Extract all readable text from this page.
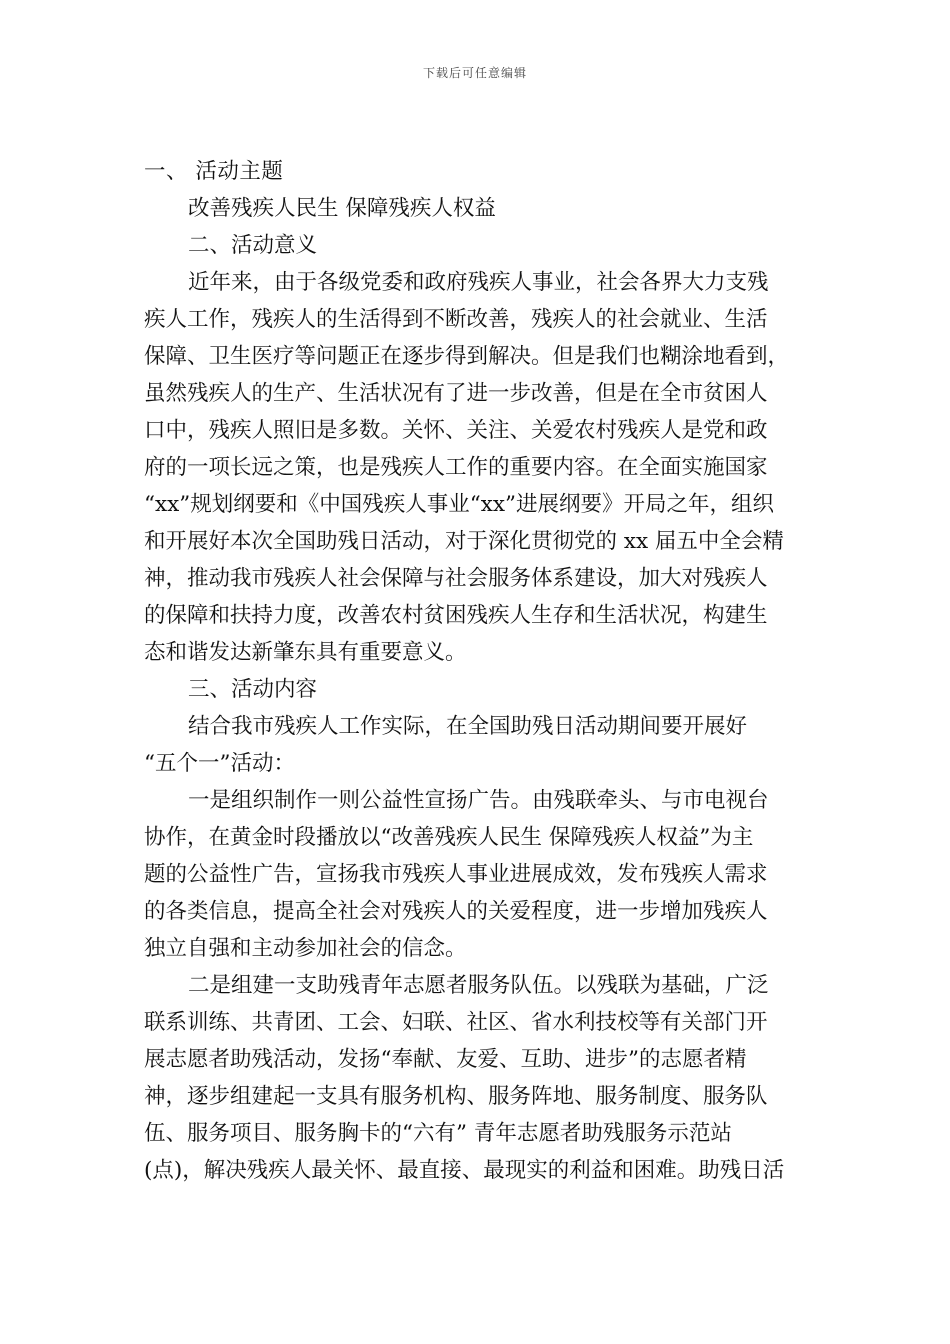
下载后可任意编辑
一、 活动主题
改善残疾人民生 保障残疾人权益
二、活动意义
近年来，由于各级党委和政府残疾人事业，社会各界大力支残
疾人工作，残疾人的生活得到不断改善，残疾人的社会就业、生活
保障、卫生医疗等问题正在逐步得到解决。但是我们也糊涂地看到，
虽然残疾人的生产、生活状况有了进一步改善，但是在全市贫困人
口中，残疾人照旧是多数。关怀、关注、关爱农村残疾人是党和政
府的一项长远之策，也是残疾人工作的重要内容。在全面实施国家
“xx”规划纲要和《中国残疾人事业“xx”进展纲要》开局之年，组织
和开展好本次全国助残日活动，对于深化贯彻党的 xx 届五中全会精
神，推动我市残疾人社会保障与社会服务体系建设，加大对残疾人
的保障和扶持力度，改善农村贫困残疾人生存和生活状况，构建生
态和谐发达新肇东具有重要意义。
三、活动内容
结合我市残疾人工作实际，在全国助残日活动期间要开展好
“五个一”活动：
一是组织制作一则公益性宣扬广告。由残联牵头、与市电视台
协作，在黄金时段播放以“改善残疾人民生 保障残疾人权益”为主
题的公益性广告，宣扬我市残疾人事业进展成效，发布残疾人需求
的各类信息，提高全社会对残疾人的关爱程度，进一步增加残疾人
独立自强和主动参加社会的信念。
二是组建一支助残青年志愿者服务队伍。以残联为基础，广泛
联系训练、共青团、工会、妇联、社区、省水利技校等有关部门开
展志愿者助残活动，发扬“奉献、友爱、互助、进步”的志愿者精
神，逐步组建起一支具有服务机构、服务阵地、服务制度、服务队
伍、服务项目、服务胸卡的“六有” 青年志愿者助残服务示范站
(点)，解决残疾人最关怀、最直接、最现实的利益和困难。助残日活
